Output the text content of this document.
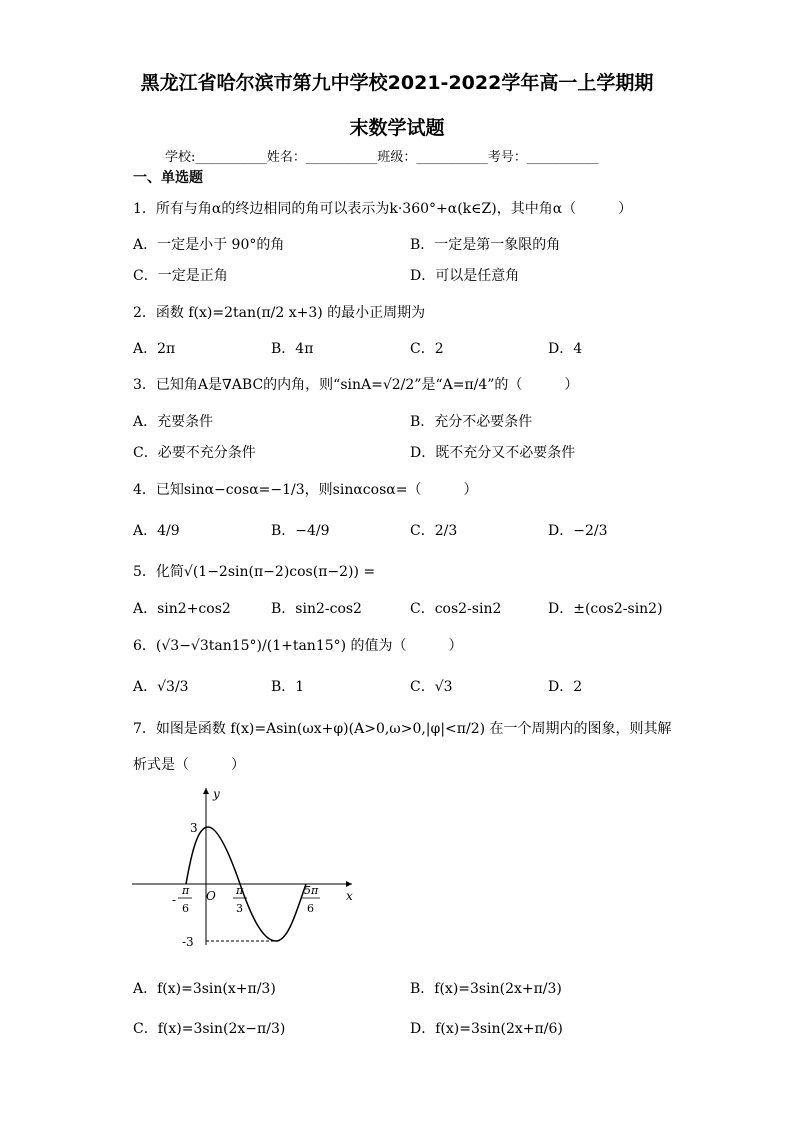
黑龙江省哈尔滨市第九中学校2021-2022学年高一上学期期
末数学试题
学校:___________姓名：___________班级：___________考号：___________
一、单选题
1．所有与角α的终边相同的角可以表示为k·360°+α(k∈Z)，其中角α（　　　）
A．一定是小于 90°的角	B．一定是第一象限的角
C．一定是正角	D．可以是任意角
2．函数 f(x)=2tan(π/2 x+3) 的最小正周期为
A．2π	B．4π	C．2	D．4
3．已知角A是∇ABC的内角，则“sinA=√2/2”是“A=π/4”的（　　　）
A．充要条件	B．充分不必要条件
C．必要不充分条件	D．既不充分又不必要条件
4．已知sinα−cosα=−1/3，则sinαcosα=（　　　）
A．4/9	B．−4/9	C．2/3	D．−2/3
5．化简√(1−2sin(π−2)cos(π−2)) =
A．sin2+cos2	B．sin2-cos2	C．cos2-sin2	D．±(cos2-sin2)
6．(√3−√3tan15°)/(1+tan15°) 的值为（　　　）
A．√3/3	B．1	C．√3	D．2
7．如图是函数 f(x)=Asin(ωx+φ)(A>0,ω>0,|φ|<π/2) 在一个周期内的图象，则其解
析式是（　　　）
y
x
O
3
-3
-
π
6
π
3
5π
6
A．f(x)=3sin(x+π/3)	B．f(x)=3sin(2x+π/3)
C．f(x)=3sin(2x−π/3)	D．f(x)=3sin(2x+π/6)
